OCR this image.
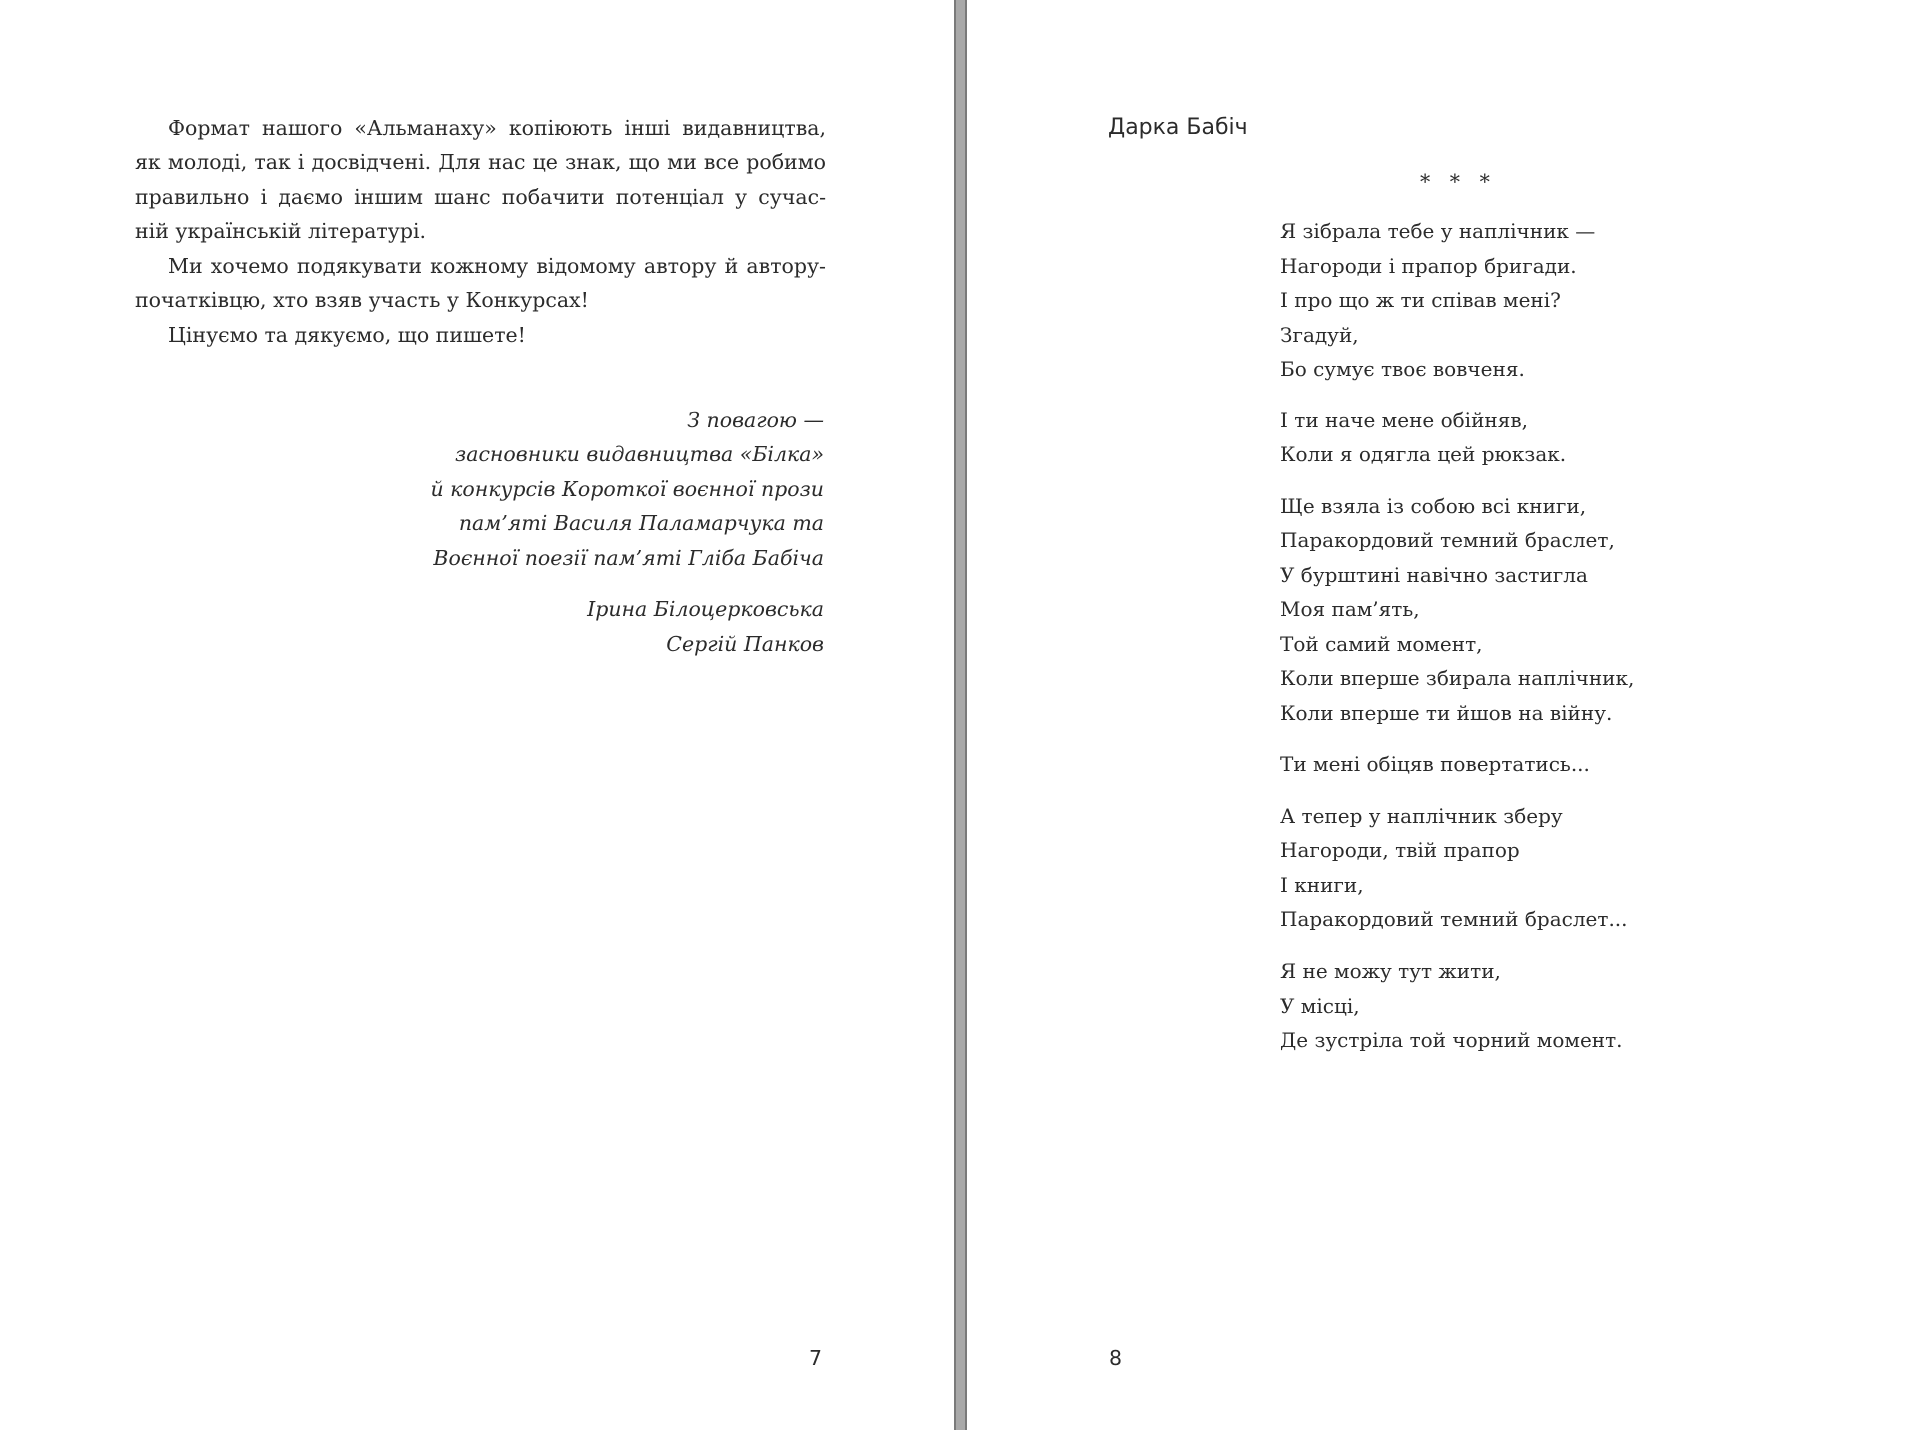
Формат нашого «Альманаху» копіюють інші видавництва,
як молоді, так і досвідчені. Для нас це знак, що ми все робимо
правильно і даємо іншим шанс побачити потенціал у сучас-
ній українській літературі.
Ми хочемо подякувати кожному відомому автору й автору-
початківцю, хто взяв участь у Конкурсах!
Цінуємо та дякуємо, що пишете!
З повагою —
засновники видавництва «Білка»
й конкурсів Короткої воєнної прози
пам’яті Василя Паламарчука та
Воєнної поезії пам’яті Гліба Бабіча
Ірина Білоцерковська
Сергій Панков
7
Дарка Бабіч
*   *   *
Я зібрала тебе у наплічник —
Нагороди і прапор бригади.
І про що ж ти співав мені?
Згадуй,
Бо сумує твоє вовченя.
І ти наче мене обійняв,
Коли я одягла цей рюкзак.
Ще взяла із собою всі книги,
Паракордовий темний браслет,
У бурштині навічно застигла
Моя пам’ять,
Той самий момент,
Коли вперше збирала наплічник,
Коли вперше ти йшов на війну.
Ти мені обіцяв повертатись...
А тепер у наплічник зберу
Нагороди, твій прапор
І книги,
Паракордовий темний браслет...
Я не можу тут жити,
У місці,
Де зустріла той чорний момент.
8
